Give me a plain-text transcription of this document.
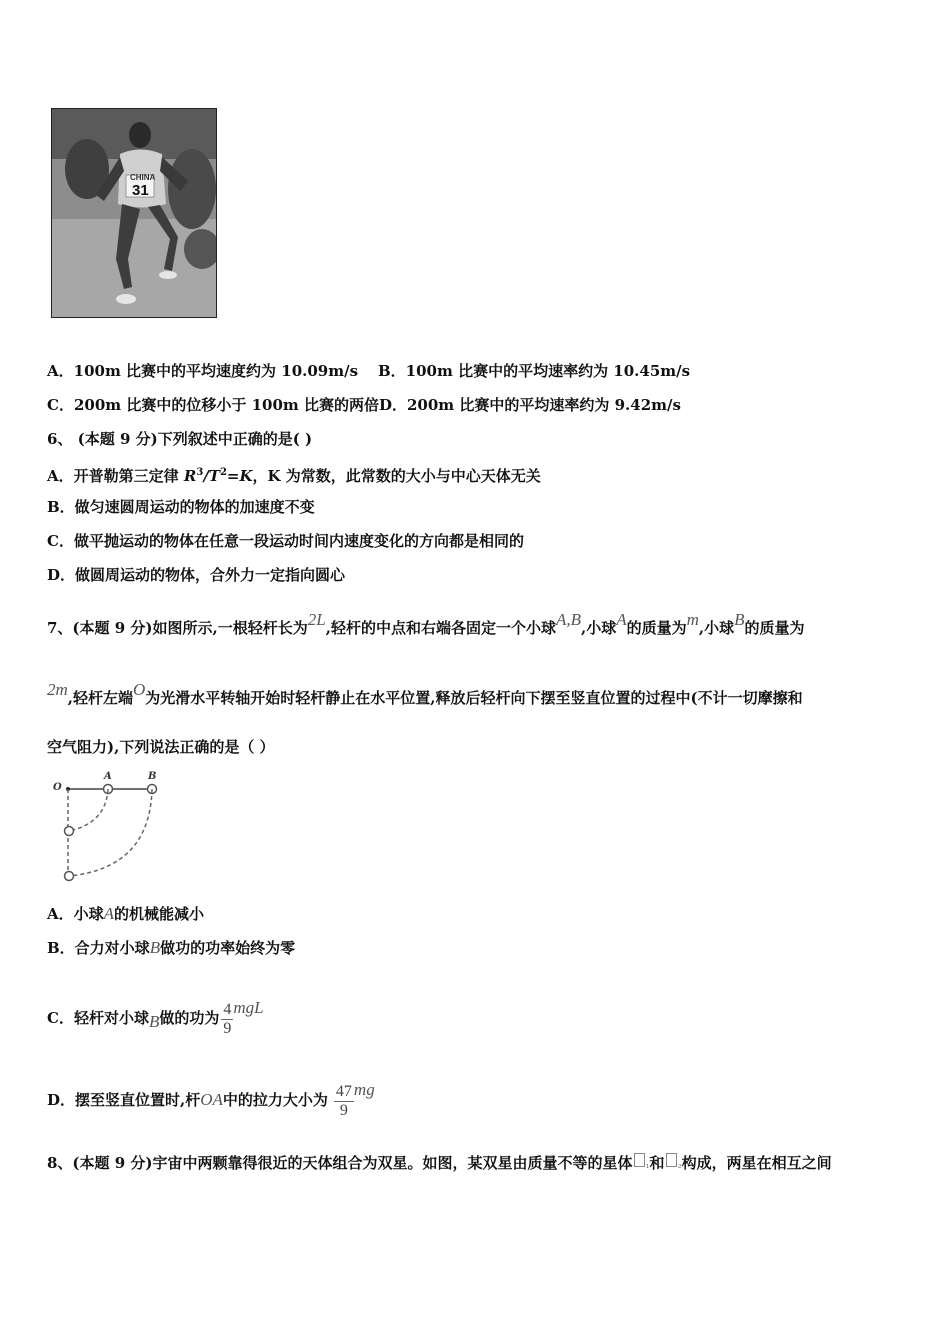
CHINA
31
A．100m 比赛中的平均速度约为 10.09m/s B．100m 比赛中的平均速率约为 10.45m/s
C．200m 比赛中的位移小于 100m 比赛的两倍D．200m 比赛中的平均速率约为 9.42m/s
6、 (本题 9 分)下列叙述中正确的是( )
A．开普勒第三定律 $R^3/T^2=K$，K 为常数，此常数的大小与中心天体无关
B．做匀速圆周运动的物体的加速度不变
C．做平抛运动的物体在任意一段运动时间内速度变化的方向都是相同的
D．做圆周运动的物体，合外力一定指向圆心
7、(本题 9 分)如图所示,一根轻杆长为2L,轻杆的中点和右端各固定一个小球A,B,小球A的质量为m,小球B的质量为
2m,轻杆左端O为光滑水平转轴开始时轻杆静止在水平位置,释放后轻杆向下摆至竖直位置的过程中(不计一切摩擦和
空气阻力),下列说法正确的是（ ）
O
A	B
A．小球A的机械能减小
B．合力对小球B做功的功率始终为零
C．轻杆对小球B做的功为 $\frac{4}{9}$ mgL
D．摆至竖直位置时,杆OA中的拉力大小为 $\frac{47}{9}$ mg
8、(本题 9 分)宇宙中两颗靠得很近的天体组合为双星。如图，某双星由质量不等的星体 ₁和 ₂构成，两星在相互之间
